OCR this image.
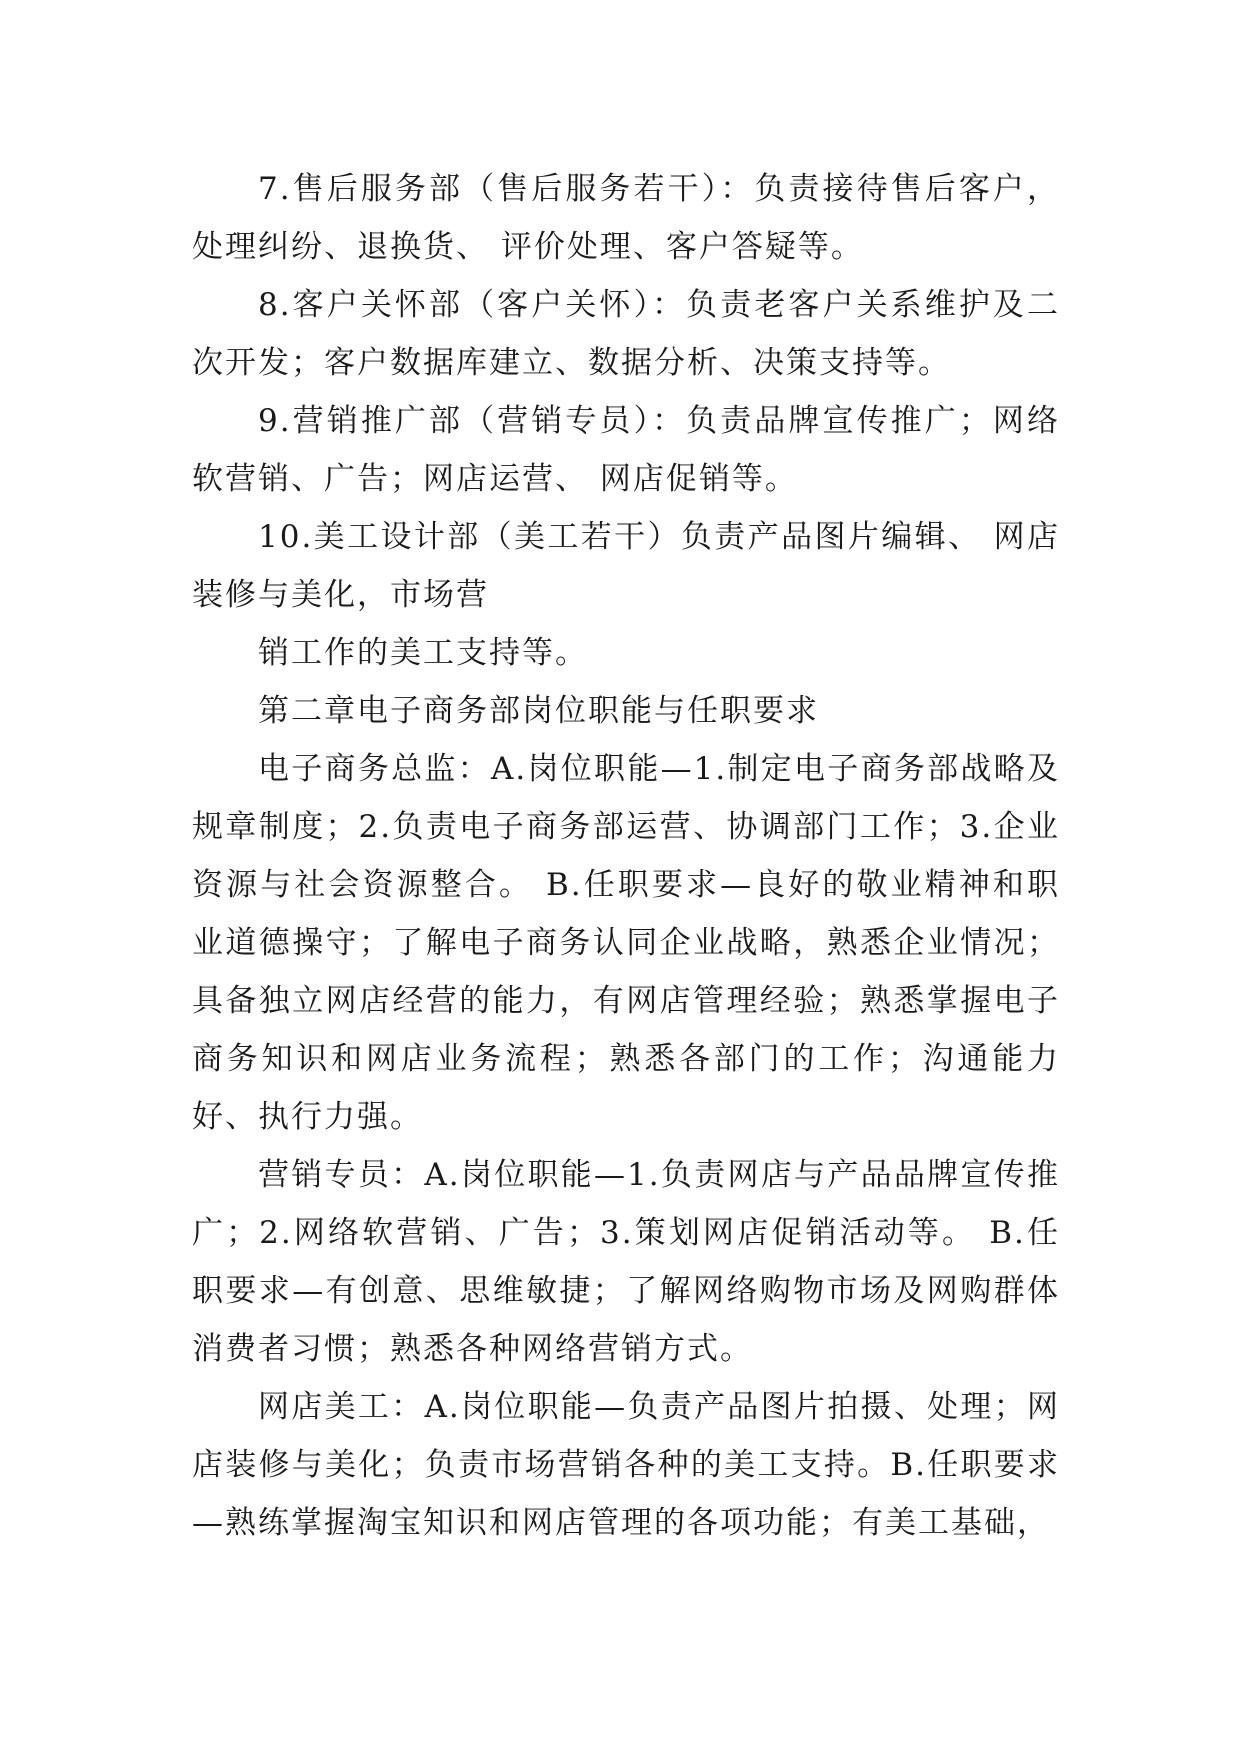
7.售后服务部（售后服务若干）：负责接待售后客户，处理纠纷、退换货、 评价处理、客户答疑等。

8.客户关怀部（客户关怀）：负责老客户关系维护及二次开发；客户数据库建立、数据分析、决策支持等。

9.营销推广部（营销专员）：负责品牌宣传推广；网络软营销、广告；网店运营、 网店促销等。

10.美工设计部（美工若干）负责产品图片编辑、 网店装修与美化，市场营

销工作的美工支持等。

第二章电子商务部岗位职能与任职要求

电子商务总监：A.岗位职能—1.制定电子商务部战略及规章制度；2.负责电子商务部运营、协调部门工作；3.企业资源与社会资源整合。 B.任职要求—良好的敬业精神和职业道德操守；了解电子商务认同企业战略，熟悉企业情况；具备独立网店经营的能力，有网店管理经验；熟悉掌握电子商务知识和网店业务流程；熟悉各部门的工作；沟通能力好、执行力强。

营销专员：A.岗位职能—1.负责网店与产品品牌宣传推广；2.网络软营销、广告；3.策划网店促销活动等。 B.任职要求—有创意、思维敏捷；了解网络购物市场及网购群体消费者习惯；熟悉各种网络营销方式。

网店美工：A.岗位职能—负责产品图片拍摄、处理；网店装修与美化；负责市场营销各种的美工支持。B.任职要求—熟练掌握淘宝知识和网店管理的各项功能；有美工基础，
